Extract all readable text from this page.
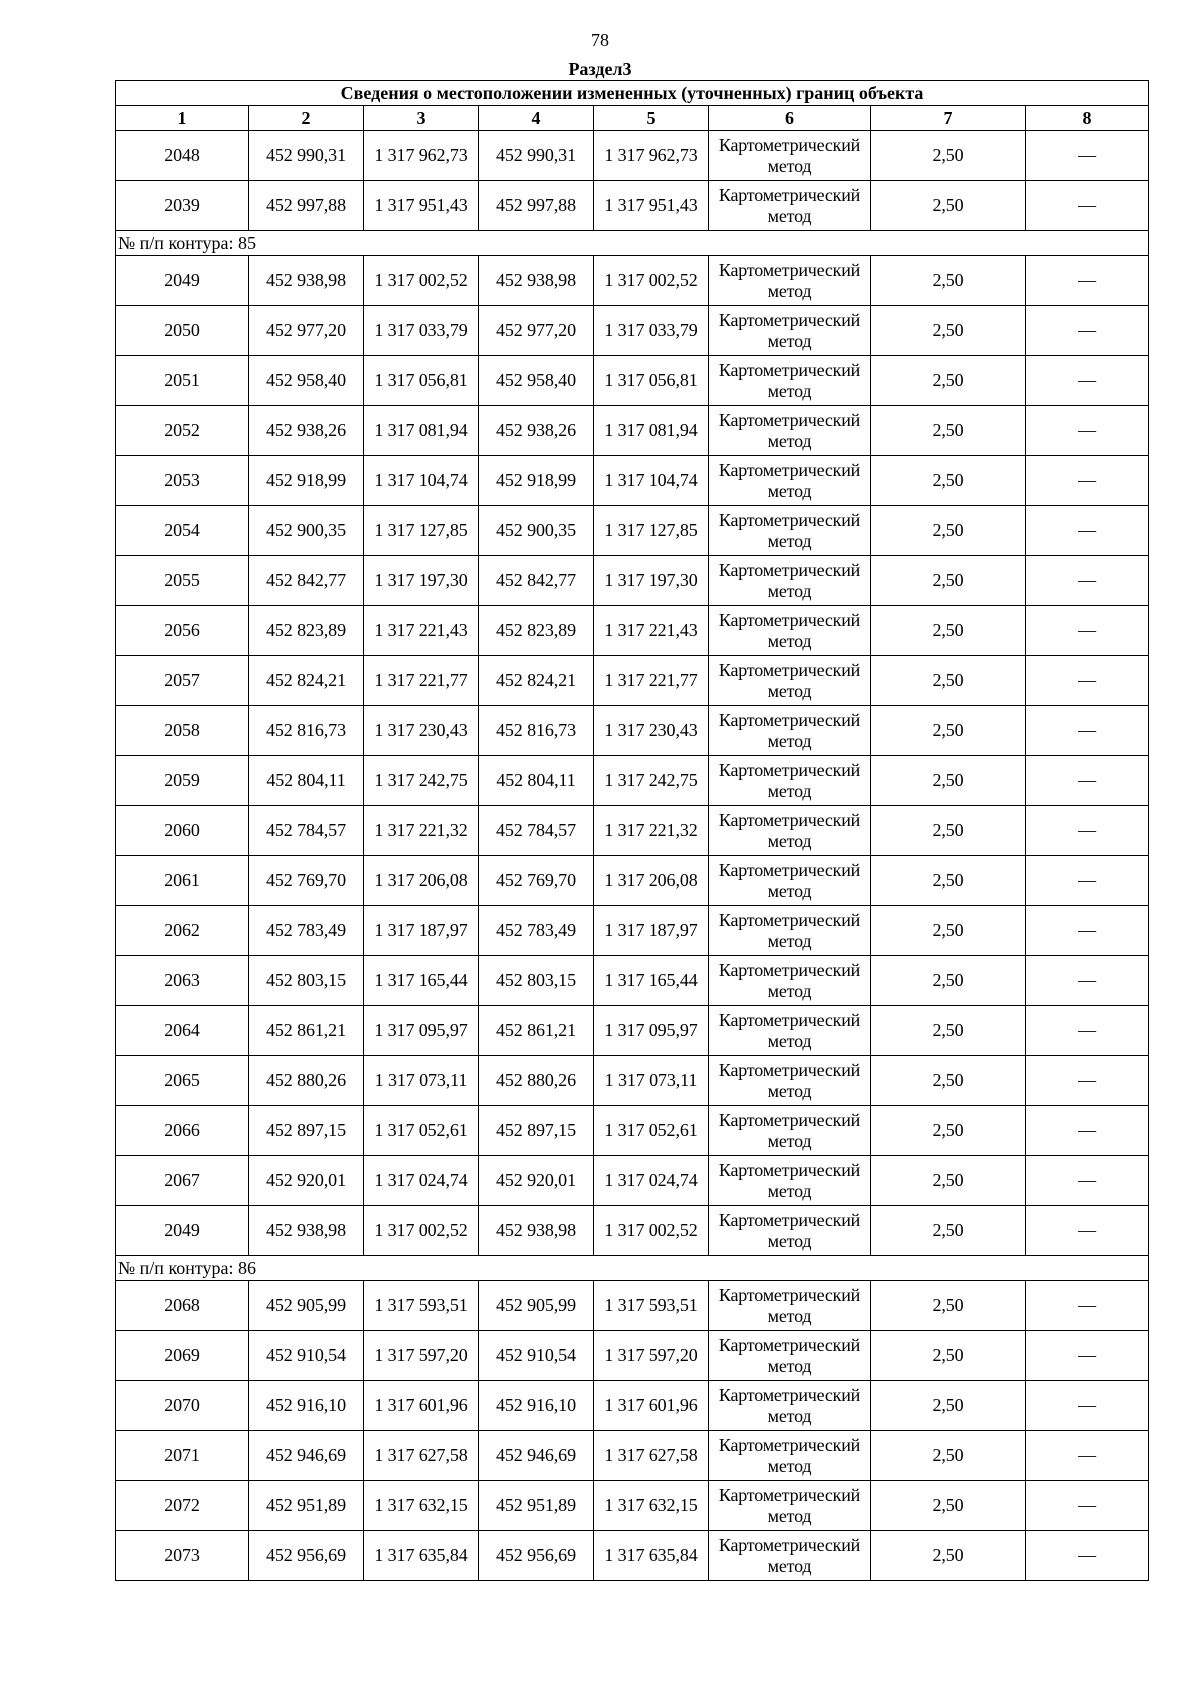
78
Раздел3
Сведения о местоположении измененных (уточненных) границ объекта							
1	2	3	4	5	6	7	8
2048	452 990,31	1 317 962,73	452 990,31	1 317 962,73	Картометрический метод	2,50	—
2039	452 997,88	1 317 951,43	452 997,88	1 317 951,43	Картометрический метод	2,50	—
№ п/п контура: 85							
2049	452 938,98	1 317 002,52	452 938,98	1 317 002,52	Картометрический метод	2,50	—
2050	452 977,20	1 317 033,79	452 977,20	1 317 033,79	Картометрический метод	2,50	—
2051	452 958,40	1 317 056,81	452 958,40	1 317 056,81	Картометрический метод	2,50	—
2052	452 938,26	1 317 081,94	452 938,26	1 317 081,94	Картометрический метод	2,50	—
2053	452 918,99	1 317 104,74	452 918,99	1 317 104,74	Картометрический метод	2,50	—
2054	452 900,35	1 317 127,85	452 900,35	1 317 127,85	Картометрический метод	2,50	—
2055	452 842,77	1 317 197,30	452 842,77	1 317 197,30	Картометрический метод	2,50	—
2056	452 823,89	1 317 221,43	452 823,89	1 317 221,43	Картометрический метод	2,50	—
2057	452 824,21	1 317 221,77	452 824,21	1 317 221,77	Картометрический метод	2,50	—
2058	452 816,73	1 317 230,43	452 816,73	1 317 230,43	Картометрический метод	2,50	—
2059	452 804,11	1 317 242,75	452 804,11	1 317 242,75	Картометрический метод	2,50	—
2060	452 784,57	1 317 221,32	452 784,57	1 317 221,32	Картометрический метод	2,50	—
2061	452 769,70	1 317 206,08	452 769,70	1 317 206,08	Картометрический метод	2,50	—
2062	452 783,49	1 317 187,97	452 783,49	1 317 187,97	Картометрический метод	2,50	—
2063	452 803,15	1 317 165,44	452 803,15	1 317 165,44	Картометрический метод	2,50	—
2064	452 861,21	1 317 095,97	452 861,21	1 317 095,97	Картометрический метод	2,50	—
2065	452 880,26	1 317 073,11	452 880,26	1 317 073,11	Картометрический метод	2,50	—
2066	452 897,15	1 317 052,61	452 897,15	1 317 052,61	Картометрический метод	2,50	—
2067	452 920,01	1 317 024,74	452 920,01	1 317 024,74	Картометрический метод	2,50	—
2049	452 938,98	1 317 002,52	452 938,98	1 317 002,52	Картометрический метод	2,50	—
№ п/п контура: 86							
2068	452 905,99	1 317 593,51	452 905,99	1 317 593,51	Картометрический метод	2,50	—
2069	452 910,54	1 317 597,20	452 910,54	1 317 597,20	Картометрический метод	2,50	—
2070	452 916,10	1 317 601,96	452 916,10	1 317 601,96	Картометрический метод	2,50	—
2071	452 946,69	1 317 627,58	452 946,69	1 317 627,58	Картометрический метод	2,50	—
2072	452 951,89	1 317 632,15	452 951,89	1 317 632,15	Картометрический метод	2,50	—
2073	452 956,69	1 317 635,84	452 956,69	1 317 635,84	Картометрический метод	2,50	—
